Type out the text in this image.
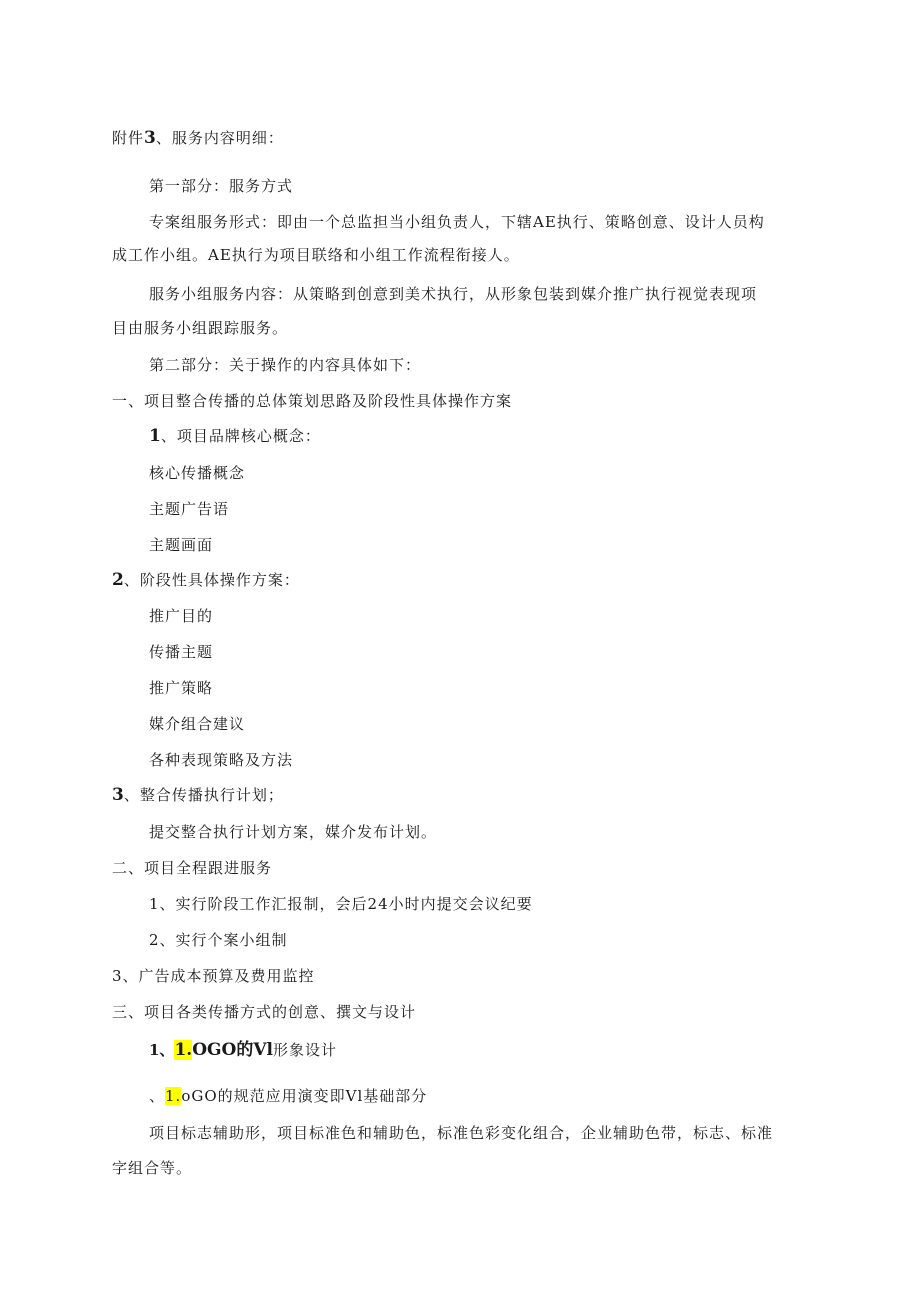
附件3、服务内容明细：
第一部分：服务方式
专案组服务形式：即由一个总监担当小组负责人，下辖AE执行、策略创意、设计人员构
成工作小组。AE执行为项目联络和小组工作流程衔接人。
服务小组服务内容：从策略到创意到美术执行，从形象包装到媒介推广执行视觉表现项
目由服务小组跟踪服务。
第二部分：关于操作的内容具体如下：
一、项目整合传播的总体策划思路及阶段性具体操作方案
1、项目品牌核心概念：
核心传播概念
主题广告语
主题画面
2、阶段性具体操作方案：
推广目的
传播主题
推广策略
媒介组合建议
各种表现策略及方法
3、整合传播执行计划；
提交整合执行计划方案，媒介发布计划。
二、项目全程跟进服务
1、实行阶段工作汇报制，会后24小时内提交会议纪要
2、实行个案小组制
3、广告成本预算及费用监控
三、项目各类传播方式的创意、撰文与设计
1、1.OGO的Vl形象设计
、1.oGO的规范应用演变即Vl基础部分
项目标志辅助形，项目标准色和辅助色，标准色彩变化组合，企业辅助色带，标志、标准
字组合等。
